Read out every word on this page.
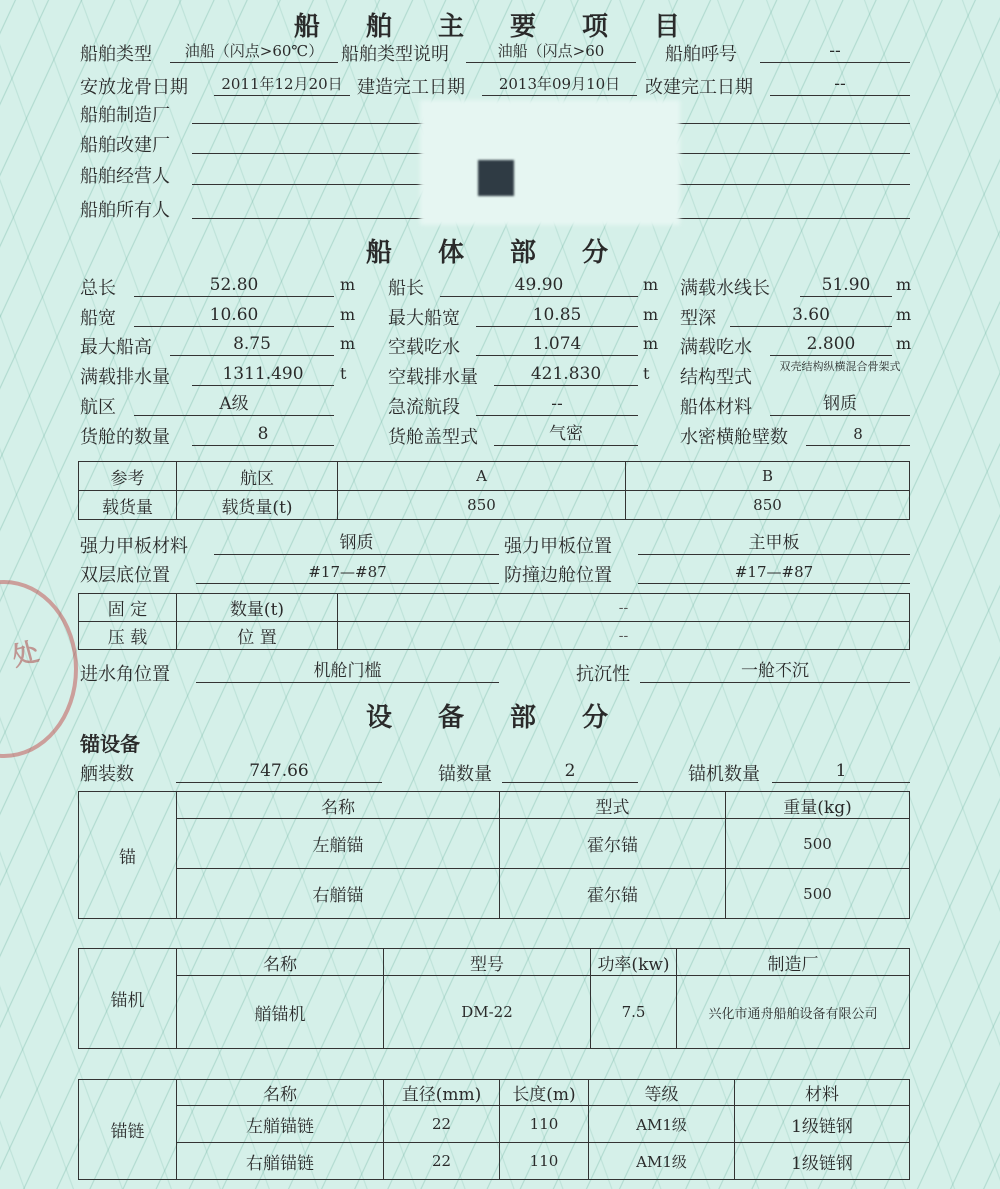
处
船舶主要项目
船舶类型	油船（闪点>60℃） 船舶类型说明	油船（闪点>60	船舶呼号	--
安放龙骨日期	2011年12月20日 建造完工日期	2013年09月10日	改建完工日期	--
船舶制造厂
船舶改建厂
船舶经营人
船舶所有人
船体部分
总长	52.80	m 船长	49.90	m 满载水线长	51.90	m
船宽	10.60	m 最大船宽	10.85	m 型深	3.60	m
最大船高	8.75	m 空载吃水	1.074	m 满载吃水	2.800	m
满载排水量	1311.490	t 空载排水量	421.830	t 结构型式
双壳结构纵横混合骨架式
航区	A级	急流航段	--	船体材料	钢质
货舱的数量	8	货舱盖型式	气密	水密横舱壁数	8
参考	航区	A	B
载货量	载货量(t)	850	850
强力甲板材料	钢质	强力甲板位置	主甲板
双层底位置	#17—#87	防撞边舱位置	#17—#87
固 定	数量(t)	--
压 载	位 置	--
进水角位置	机舱门槛	抗沉性	一舱不沉
设备部分
锚设备
舾装数	747.66	锚数量	2	锚机数量	1
锚	名称	型式	重量(kg)
	左艏锚	霍尔锚	500
	右艏锚	霍尔锚	500
锚机	名称	型号	功率(kw)	制造厂
	艏锚机	DM-22	7.5	兴化市通舟船舶设备有限公司
锚链	名称	直径(mm)	长度(m)	等级	材料
	左艏锚链	22	110	AM1级	1级链钢
	右艏锚链	22	110	AM1级	1级链钢
